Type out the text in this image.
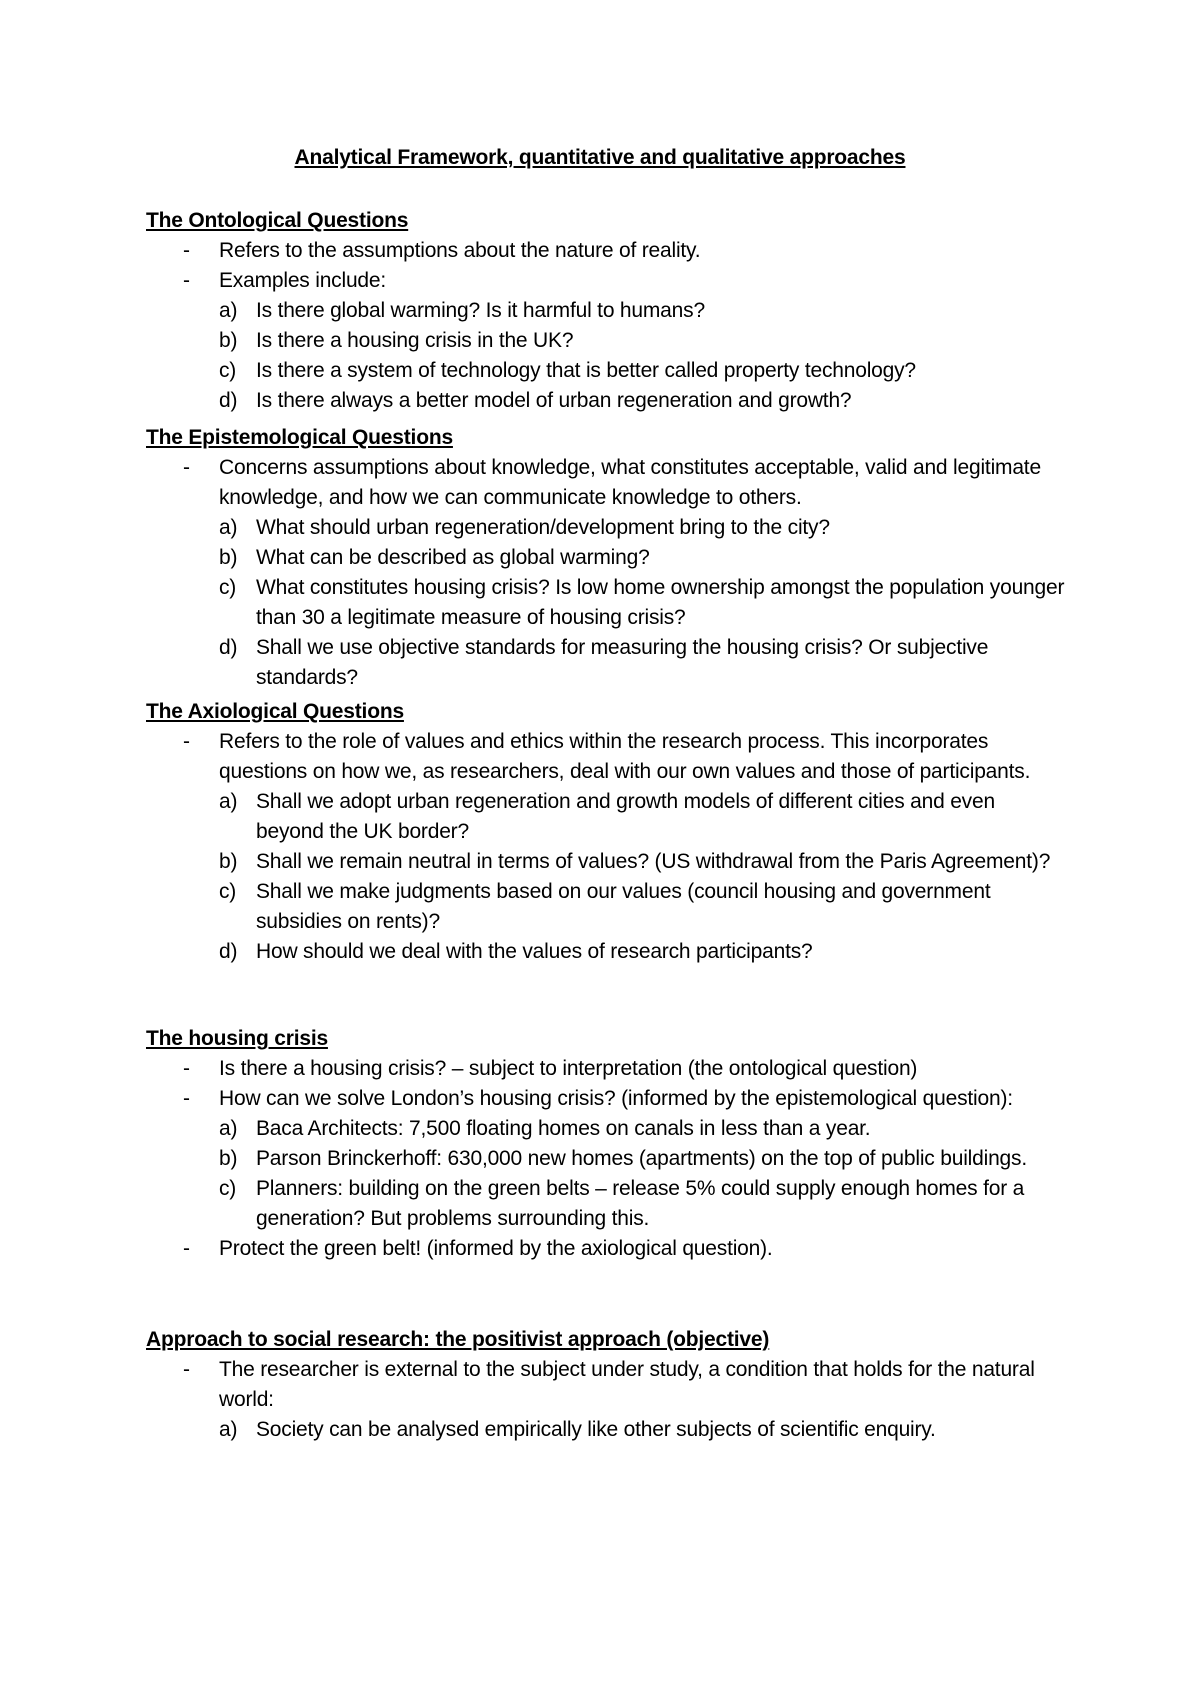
Analytical Framework, quantitative and qualitative approaches
The Ontological Questions
-	Refers to the assumptions about the nature of reality.
-	Examples include:
a) Is there global warming? Is it harmful to humans?
b) Is there a housing crisis in the UK?
c) Is there a system of technology that is better called property technology?
d) Is there always a better model of urban regeneration and growth?
The Epistemological Questions
-	Concerns assumptions about knowledge, what constitutes acceptable, valid and legitimate knowledge, and how we can communicate knowledge to others.
a) What should urban regeneration/development bring to the city?
b) What can be described as global warming?
c) What constitutes housing crisis? Is low home ownership amongst the population younger than 30 a legitimate measure of housing crisis?
d) Shall we use objective standards for measuring the housing crisis? Or subjective standards?
The Axiological Questions
-	Refers to the role of values and ethics within the research process. This incorporates questions on how we, as researchers, deal with our own values and those of participants.
a) Shall we adopt urban regeneration and growth models of different cities and even beyond the UK border?
b) Shall we remain neutral in terms of values? (US withdrawal from the Paris Agreement)?
c) Shall we make judgments based on our values (council housing and government subsidies on rents)?
d) How should we deal with the values of research participants?
The housing crisis
-	Is there a housing crisis? – subject to interpretation (the ontological question)
-	How can we solve London’s housing crisis? (informed by the epistemological question):
a) Baca Architects: 7,500 floating homes on canals in less than a year.
b) Parson Brinckerhoff: 630,000 new homes (apartments) on the top of public buildings.
c) Planners: building on the green belts – release 5% could supply enough homes for a generation? But problems surrounding this.
-	Protect the green belt! (informed by the axiological question).
Approach to social research: the positivist approach (objective)
-	The researcher is external to the subject under study, a condition that holds for the natural world:
a) Society can be analysed empirically like other subjects of scientific enquiry.
